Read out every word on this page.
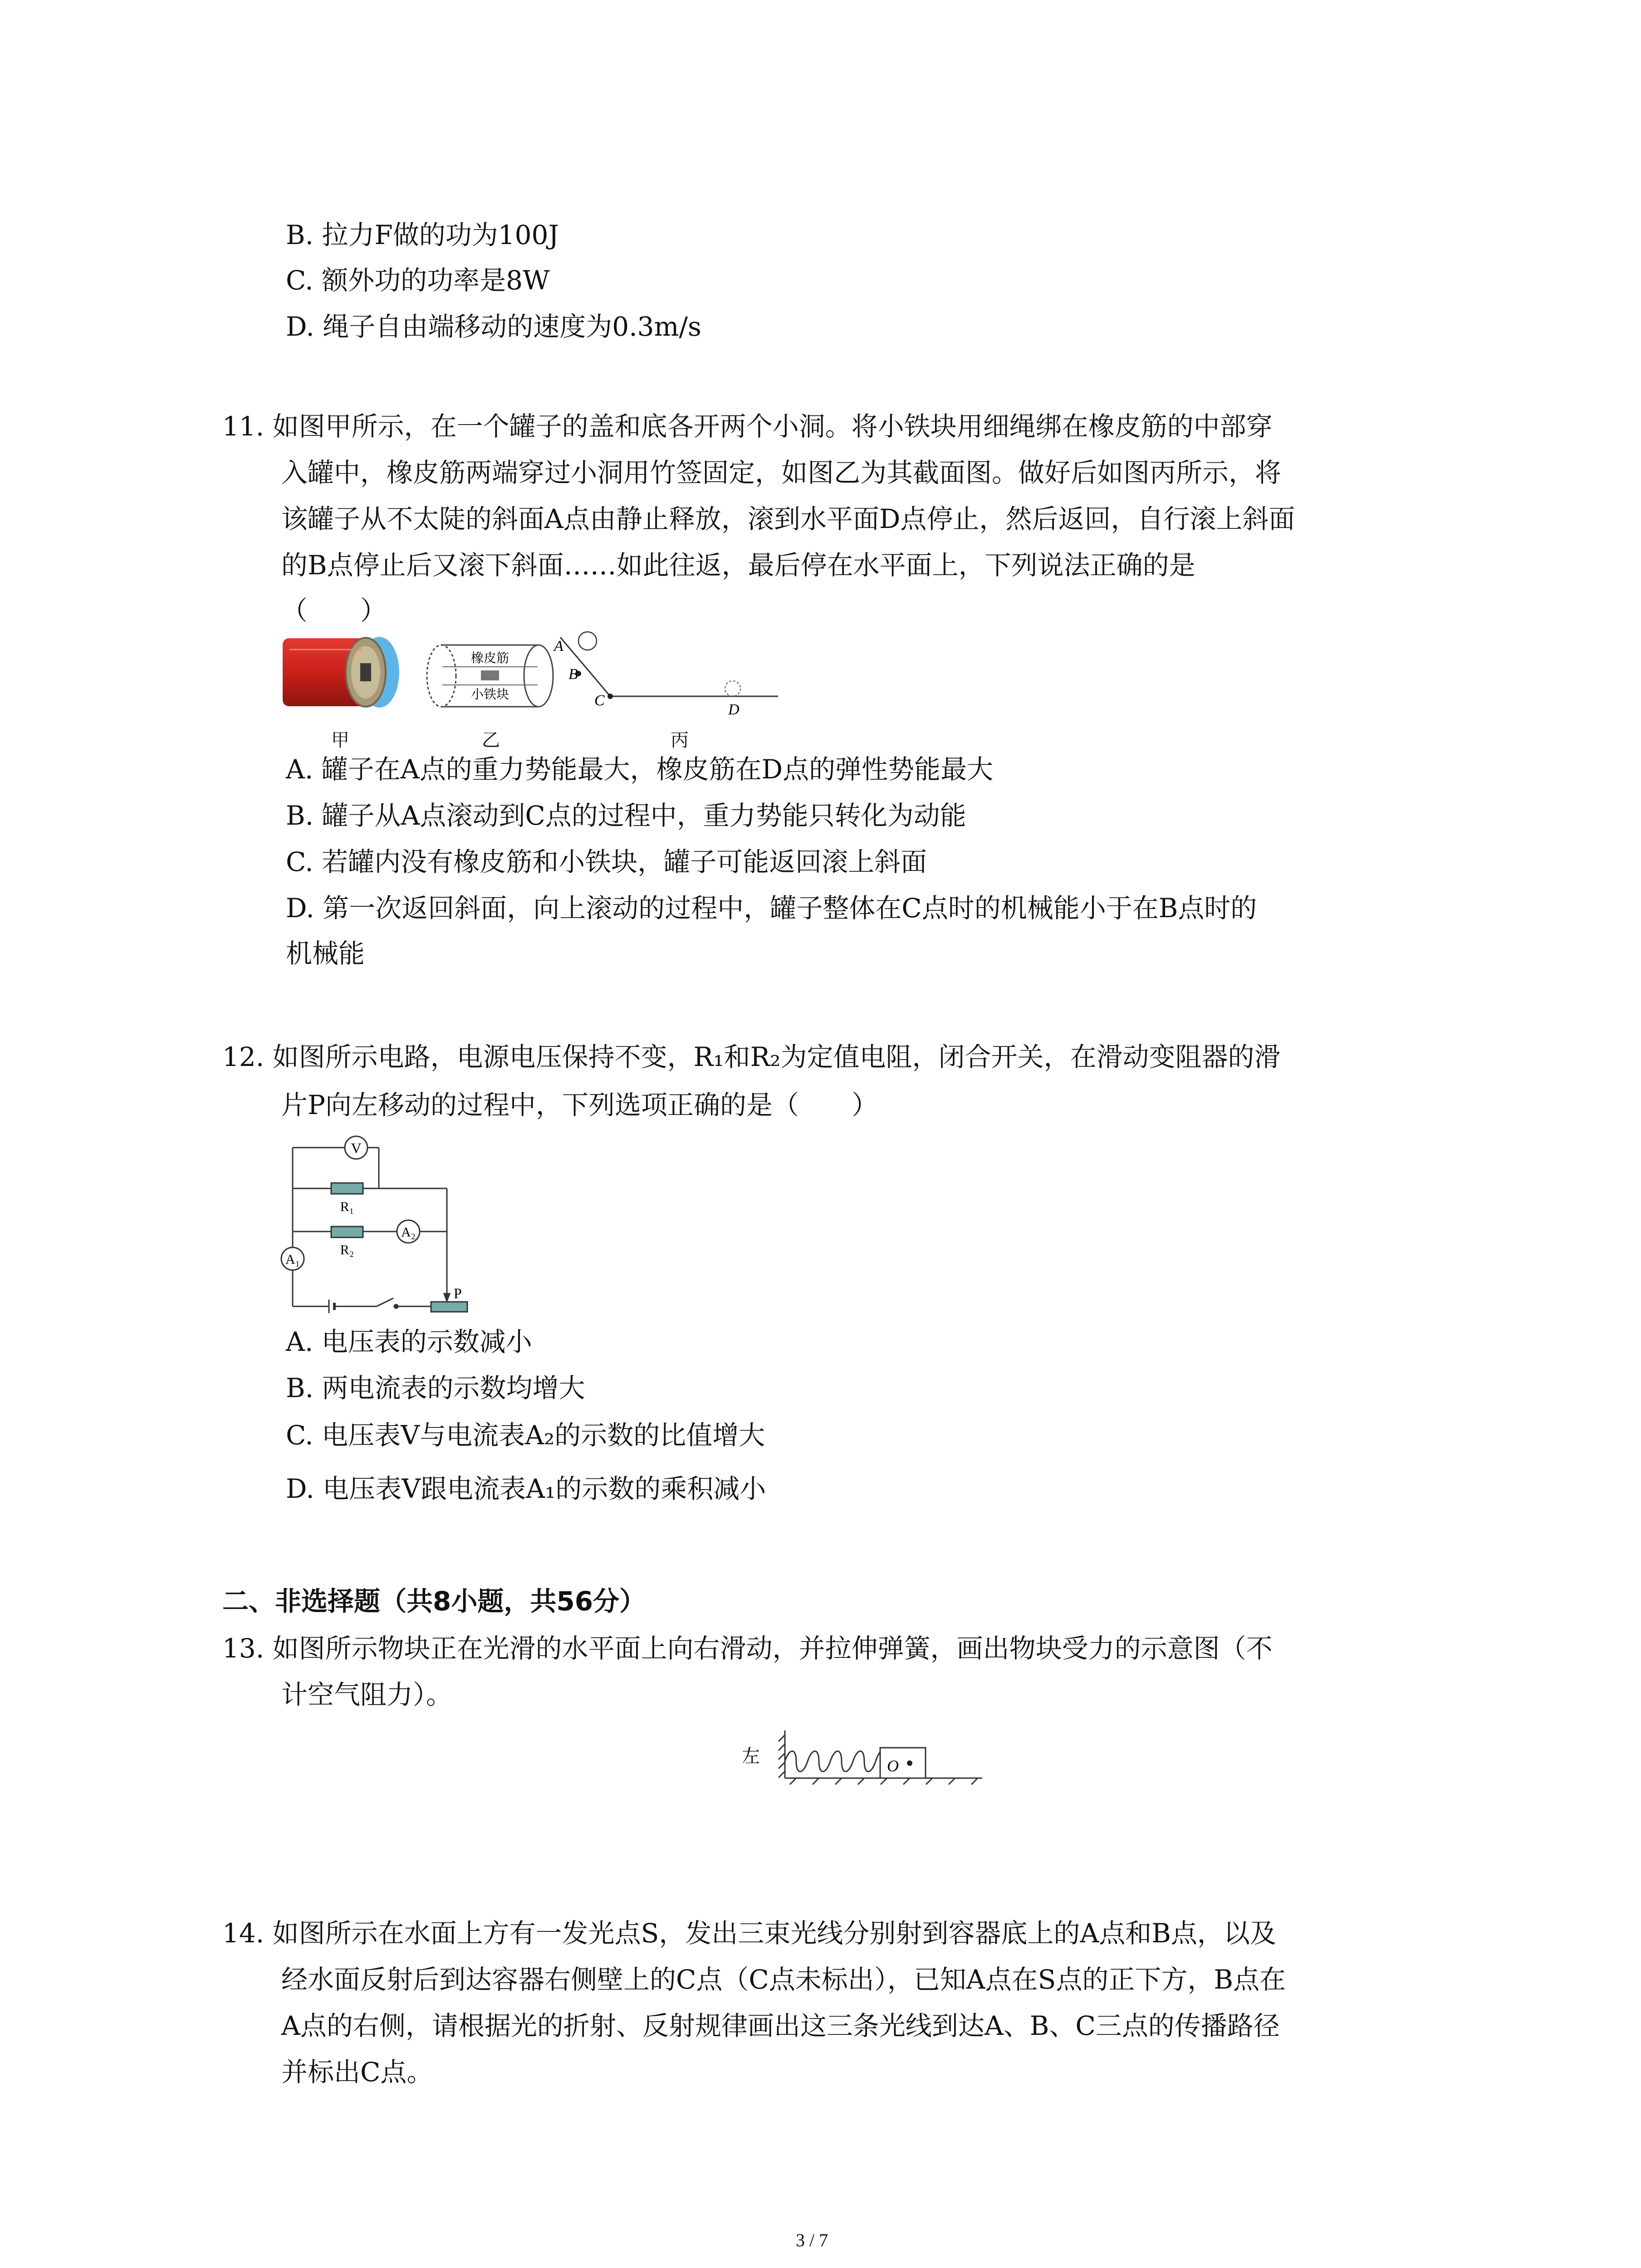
B. 拉力F做的功为100J
C. 额外功的功率是8W
D. 绳子自由端移动的速度为0.3m/s
11. 如图甲所示，在一个罐子的盖和底各开两个小洞。将小铁块用细绳绑在橡皮筋的中部穿
入罐中，橡皮筋两端穿过小洞用竹签固定，如图乙为其截面图。做好后如图丙所示，将
该罐子从不太陡的斜面A点由静止释放，滚到水平面D点停止，然后返回，自行滚上斜面
的B点停止后又滚下斜面……如此往返，最后停在水平面上，下列说法正确的是
（　　）
甲
橡皮筋
小铁块
乙
A
B
C
D
丙
A. 罐子在A点的重力势能最大，橡皮筋在D点的弹性势能最大
B. 罐子从A点滚动到C点的过程中，重力势能只转化为动能
C. 若罐内没有橡皮筋和小铁块，罐子可能返回滚上斜面
D. 第一次返回斜面，向上滚动的过程中，罐子整体在C点时的机械能小于在B点时的
机械能
12. 如图所示电路，电源电压保持不变，R₁和R₂为定值电阻，闭合开关，在滑动变阻器的滑
片P向左移动的过程中，下列选项正确的是（　　）
V
R₁
R₂
A₂
A₁
P
A. 电压表的示数减小
B. 两电流表的示数均增大
C. 电压表V与电流表A₂的示数的比值增大
D. 电压表V跟电流表A₁的示数的乘积减小
二、非选择题（共8小题，共56分）
13. 如图所示物块正在光滑的水平面上向右滑动，并拉伸弹簧，画出物块受力的示意图（不
计空气阻力）。
左	O
14. 如图所示在水面上方有一发光点S，发出三束光线分别射到容器底上的A点和B点，以及
经水面反射后到达容器右侧壁上的C点（C点未标出），已知A点在S点的正下方，B点在
A点的右侧，请根据光的折射、反射规律画出这三条光线到达A、B、C三点的传播路径
并标出C点。
3 / 7
